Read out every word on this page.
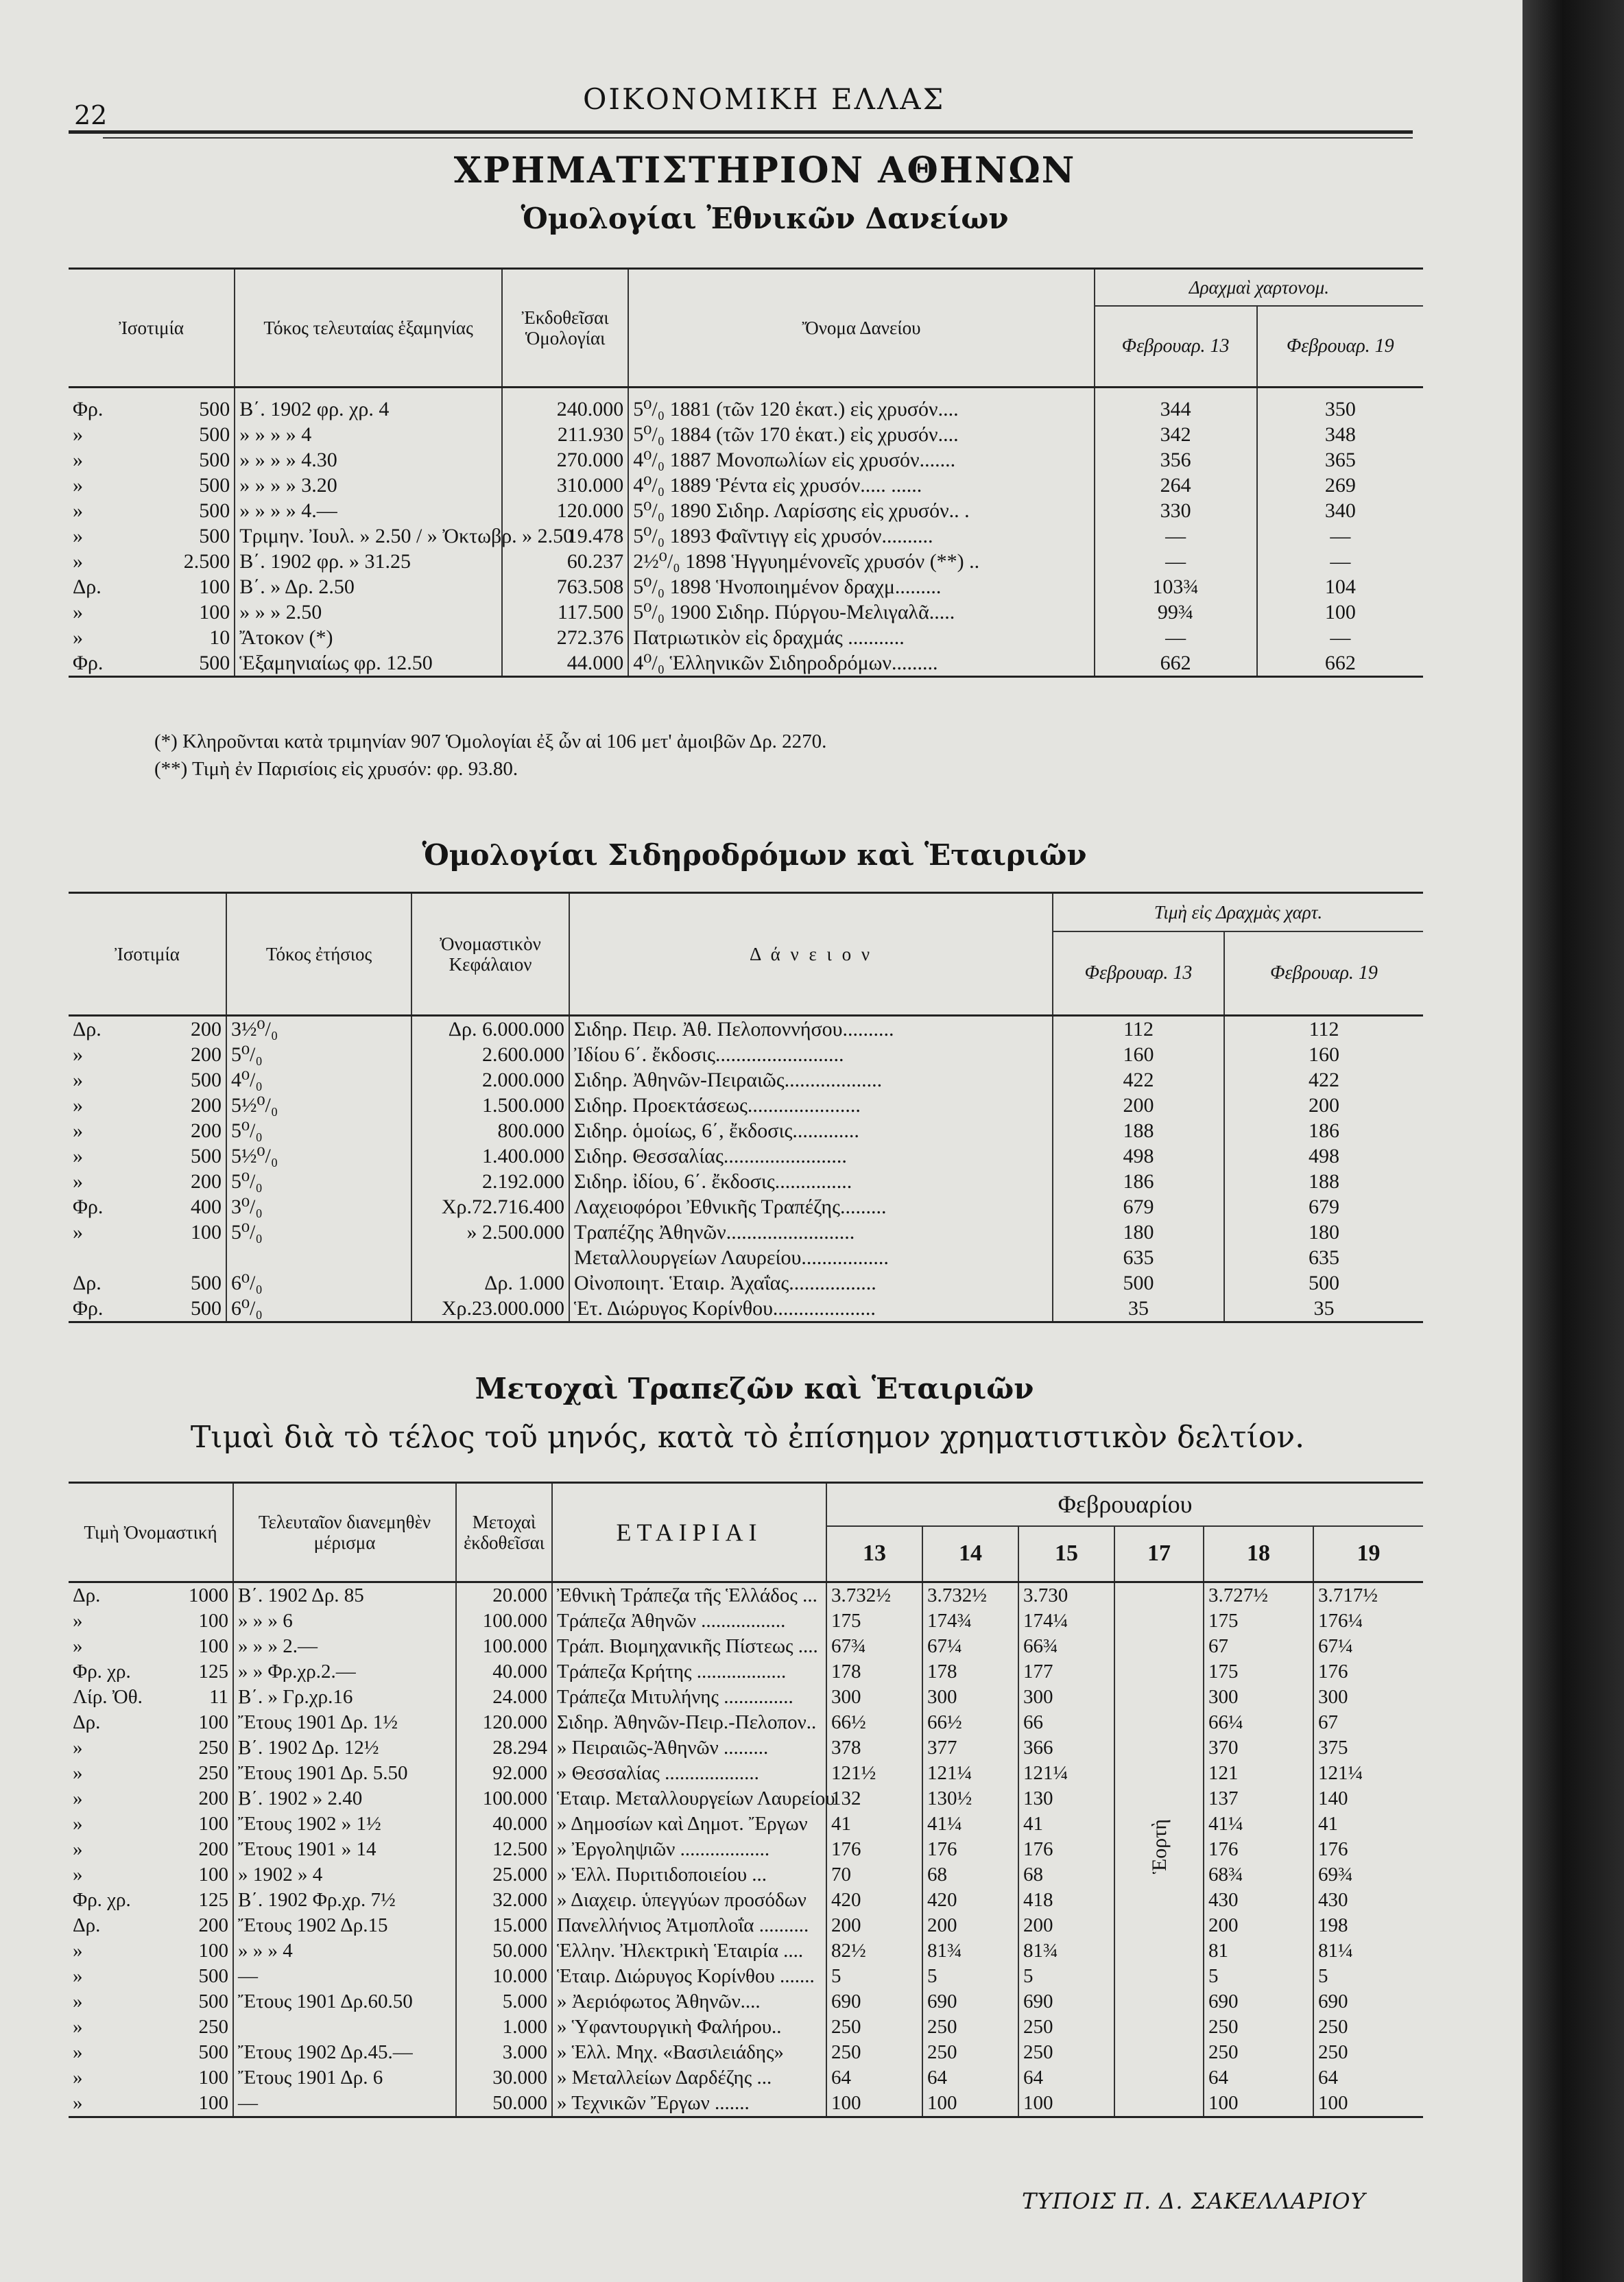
22	ΟΙΚΟΝΟΜΙΚΗ ΕΛΛΑΣ
ΧΡΗΜΑΤΙΣΤΗΡΙΟΝ ΑΘΗΝΩΝ
Ὁμολογίαι Ἐθνικῶν Δανείων
Ἰσοτιμία		Τόκος τελευταίας ἑξαμηνίας	Ἐκδοθεῖσαι Ὁμολογίαι	Ὄνομα Δανείου	Δραχμαὶ χαρτονομ.	
					Φεβρουαρ. 13	Φεβρουαρ. 19
Φρ.	500	Β΄. 1902 φρ. χρ. 4	240.000	5⁰/₀ 1881 (τῶν 120 ἑκατ.) εἰς χρυσόν....	344	350
»	500	» » » » 4	211.930	5⁰/₀ 1884 (τῶν 170 ἑκατ.) εἰς χρυσόν....	342	348
»	500	» » » » 4.30	270.000	4⁰/₀ 1887 Μονοπωλίων εἰς χρυσόν.......	356	365
»	500	» » » » 3.20	310.000	4⁰/₀ 1889 Ῥέντα εἰς χρυσόν..... ......	264	269
»	500	» » » » 4.—	120.000	5⁰/₀ 1890 Σιδηρ. Λαρίσσης εἰς χρυσόν.. .	330	340
»	500	Τριμην. Ἰουλ. » 2.50 / » Ὀκτωβρ. » 2.50	19.478	5⁰/₀ 1893 Φαῖντιγγ εἰς χρυσόν..........	—	—
»	2.500	Β΄. 1902 φρ. » 31.25	60.237	2½⁰/₀ 1898 Ἡγγυημένονεῖς χρυσόν (**) ..	—	—
Δρ.	100	Β΄. » Δρ. 2.50	763.508	5⁰/₀ 1898 Ἡνοποιημένον δραχμ.........	103¾	104
»	100	» » » 2.50	117.500	5⁰/₀ 1900 Σιδηρ. Πύργου-Μελιγαλᾶ.....	99¾	100
»	10	Ἄτοκον (*)	272.376	Πατριωτικὸν εἰς δραχμάς ...........	—	—
Φρ.	500	Ἑξαμηνιαίως φρ. 12.50	44.000	4⁰/₀ Ἑλληνικῶν Σιδηροδρόμων.........	662	662
(*) Κληροῦνται κατὰ τριμηνίαν 907 Ὁμολογίαι ἐξ ὧν αἱ 106 μετ' ἀμοιβῶν Δρ. 2270.
(**) Τιμὴ ἐν Παρισίοις εἰς χρυσόν: φρ. 93.80.
Ὁμολογίαι Σιδηροδρόμων καὶ Ἑταιριῶν
Ἰσοτιμία		Τόκος ἐτήσιος	Ὀνομαστικὸν Κεφάλαιον	Δ ά ν ε ι ο ν	Τιμὴ εἰς Δραχμὰς χαρτ.	
					Φεβρουαρ. 13	Φεβρουαρ. 19
Δρ.	200	3½⁰/₀	Δρ. 6.000.000	Σιδηρ. Πειρ. Ἀθ. Πελοποννήσου..........	112	112
»	200	5⁰/₀	2.600.000	Ἰδίου 6΄. ἔκδοσις.........................	160	160
»	500	4⁰/₀	2.000.000	Σιδηρ. Ἀθηνῶν-Πειραιῶς...................	422	422
»	200	5½⁰/₀	1.500.000	Σιδηρ. Προεκτάσεως......................	200	200
»	200	5⁰/₀	800.000	Σιδηρ. ὁμοίως, 6΄, ἔκδοσις.............	188	186
»	500	5½⁰/₀	1.400.000	Σιδηρ. Θεσσαλίας........................	498	498
»	200	5⁰/₀	2.192.000	Σιδηρ. ἰδίου, 6΄. ἔκδοσις...............	186	188
Φρ.	400	3⁰/₀	Χρ.72.716.400	Λαχειοφόροι Ἐθνικῆς Τραπέζης.........	679	679
»	100	5⁰/₀	» 2.500.000	Τραπέζης Ἀθηνῶν.........................	180	180
				Μεταλλουργείων Λαυρείου.................	635	635
Δρ.	500	6⁰/₀	Δρ. 1.000	Οἰνοποιητ. Ἑταιρ. Ἀχαΐας.................	500	500
Φρ.	500	6⁰/₀	Χρ.23.000.000	Ἑτ. Διώρυγος Κορίνθου....................	35	35
Μετοχαὶ Τραπεζῶν καὶ Ἑταιριῶν
Τιμαὶ διὰ τὸ τέλος τοῦ μηνός, κατὰ τὸ ἐπίσημον χρηματιστικὸν δελτίον.
Τιμὴ Ὀνομαστική		Τελευταῖον διανεμηθὲν μέρισμα	Μετοχαὶ ἐκδοθεῖσαι	ΕΤΑΙΡΙΑΙ	Φεβρουαρίου					
					13	14	15	17	18	19
Δρ.	1000	Β΄. 1902 Δρ. 85	20.000	Ἐθνικὴ Τράπεζα τῆς Ἑλλάδος ...	3.732½	3.732½	3.730	Ἑορτὴ	3.727½	3.717½
»	100	» » » 6	100.000	Τράπεζα Ἀθηνῶν .................	175	174¾	174¼		175	176¼
»	100	» » » 2.—	100.000	Τράπ. Βιομηχανικῆς Πίστεως ....	67¾	67¼	66¾		67	67¼
Φρ. χρ.	125	» » Φρ.χρ.2.—	40.000	Τράπεζα Κρήτης ..................	178	178	177		175	176
Λίρ. Ὀθ.	11	Β΄. » Γρ.χρ.16	24.000	Τράπεζα Μιτυλήνης ..............	300	300	300		300	300
Δρ.	100	Ἔτους 1901 Δρ. 1½	120.000	Σιδηρ. Ἀθηνῶν-Πειρ.-Πελοπον..	66½	66½	66		66¼	67
»	250	Β΄. 1902 Δρ. 12½	28.294	» Πειραιῶς-Ἀθηνῶν .........	378	377	366		370	375
»	250	Ἔτους 1901 Δρ. 5.50	92.000	» Θεσσαλίας ...................	121½	121¼	121¼		121	121¼
»	200	Β΄. 1902 » 2.40	100.000	Ἑταιρ. Μεταλλουργείων Λαυρείου	132	130½	130		137	140
»	100	Ἔτους 1902 » 1½	40.000	» Δημοσίων καὶ Δημοτ. Ἔργων	41	41¼	41		41¼	41
»	200	Ἔτους 1901 » 14	12.500	» Ἐργοληψιῶν ..................	176	176	176		176	176
»	100	» 1902 » 4	25.000	» Ἑλλ. Πυριτιδοποιείου ...	70	68	68		68¾	69¾
Φρ. χρ.	125	Β΄. 1902 Φρ.χρ. 7½	32.000	» Διαχειρ. ὑπεγγύων προσόδων	420	420	418		430	430
Δρ.	200	Ἔτους 1902 Δρ.15	15.000	Πανελλήνιος Ἀτμοπλοΐα ..........	200	200	200		200	198
»	100	» » » 4	50.000	Ἑλλην. Ἠλεκτρικὴ Ἑταιρία ....	82½	81¾	81¾		81	81¼
»	500	—	10.000	Ἑταιρ. Διώρυγος Κορίνθου .......	5	5	5		5	5
»	500	Ἔτους 1901 Δρ.60.50	5.000	» Ἀεριόφωτος Ἀθηνῶν....	690	690	690		690	690
»	250		1.000	» Ὑφαντουργικὴ Φαλήρου..	250	250	250		250	250
»	500	Ἔτους 1902 Δρ.45.—	3.000	» Ἑλλ. Μηχ. «Βασιλειάδης»	250	250	250		250	250
»	100	Ἔτους 1901 Δρ. 6	30.000	» Μεταλλείων Δαρδέζης ...	64	64	64		64	64
»	100	—	50.000	» Τεχνικῶν Ἔργων .......	100	100	100		100	100
ΤΥΠΟΙΣ Π. Δ. ΣΑΚΕΛΛΑΡΙΟΥ
